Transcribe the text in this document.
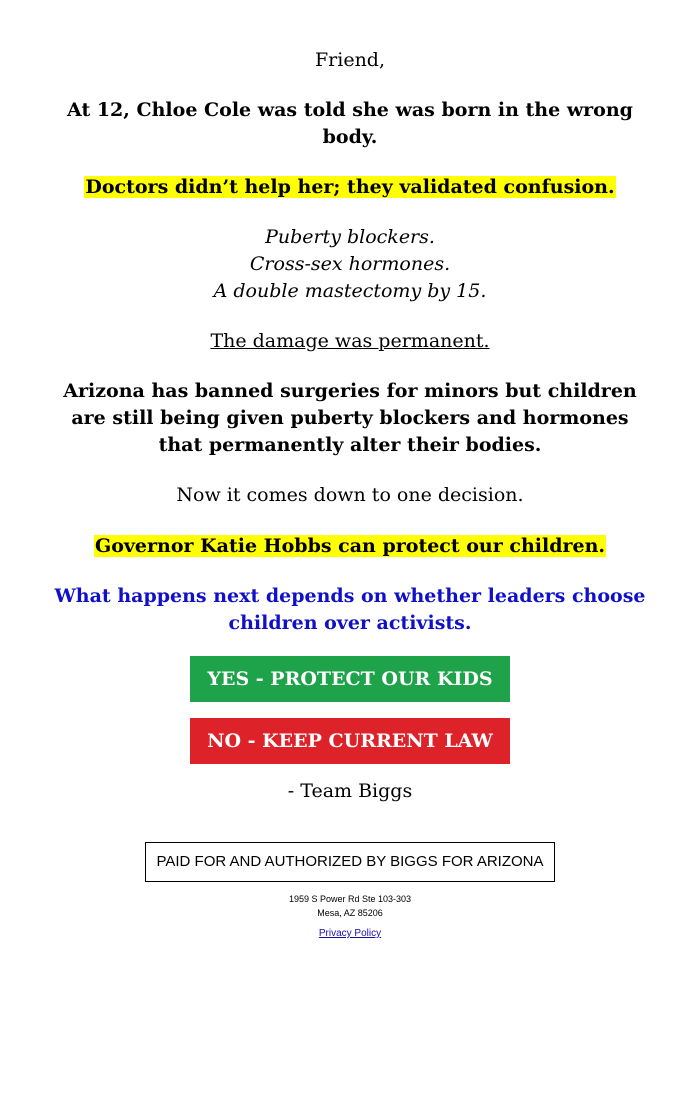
Friend,
At 12, Chloe Cole was told she was born in the wrong body.
Doctors didn’t help her; they validated confusion.
Puberty blockers.
Cross-sex hormones.
A double mastectomy by 15.
The damage was permanent.
Arizona has banned surgeries for minors but children are still being given puberty blockers and hormones that permanently alter their bodies.
Now it comes down to one decision.
Governor Katie Hobbs can protect our children.
What happens next depends on whether leaders choose children over activists.
YES - PROTECT OUR KIDS
NO - KEEP CURRENT LAW
- Team Biggs
PAID FOR AND AUTHORIZED BY BIGGS FOR ARIZONA
1959 S Power Rd Ste 103-303
Mesa, AZ 85206
Privacy Policy
